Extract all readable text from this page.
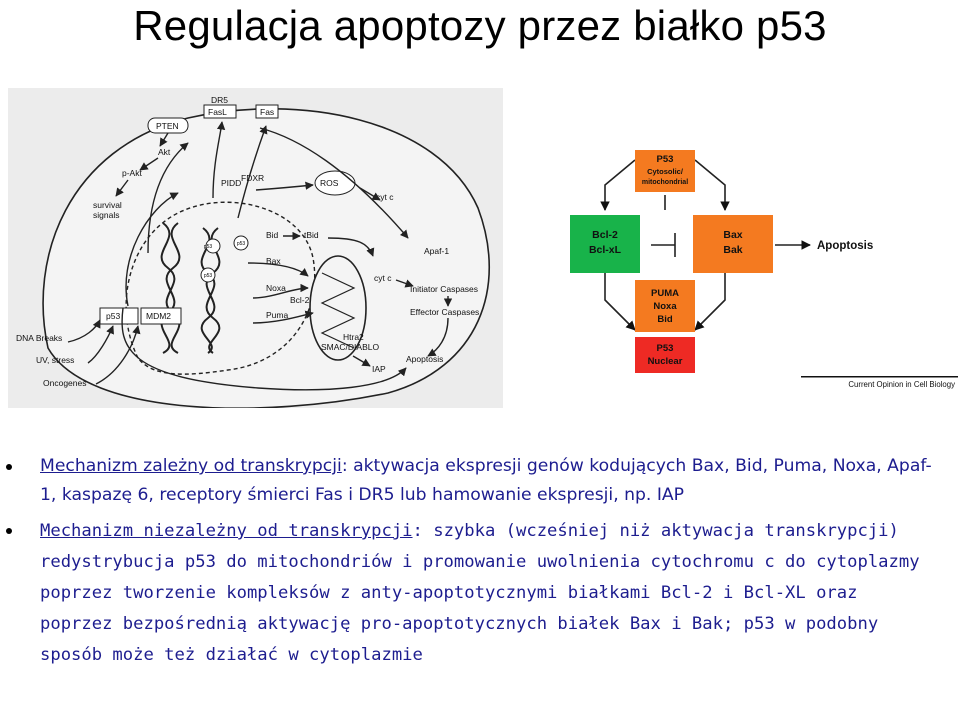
Regulacja apoptozy przez białko p53
p53	p53
p53
DR5
FasL	Fas
PTEN
Akt
p-Akt
survival
signals
PIDD FDXR	ROS
cyt c
Bid	tBid
Bax
Noxa
Bcl-2
Puma
Apaf-1
cyt c
Initiator Caspases
Effector Caspases
p53	MDM2
DNA Breaks
UV, stress
Oncogenes
Htra2
SMAC/DIABLO
IAP
Apoptosis
P53
Cytosolic/
mitochondrial
Bcl-2
Bcl-xL
Bax
Bak	Apoptosis
PUMA
Noxa
Bid
P53
Nuclear
Current Opinion in Cell Biology
Mechanizm zależny od transkrypcji: aktywacja ekspresji genów kodujących Bax, Bid, Puma, Noxa, Apaf-1, kaspazę 6, receptory śmierci Fas i DR5 lub hamowanie ekspresji, np. IAP
Mechanizm niezależny od transkrypcji: szybka (wcześniej niż aktywacja transkrypcji) redystrybucja p53 do mitochondriów i promowanie uwolnienia cytochromu c do cytoplazmy poprzez tworzenie kompleksów z anty-apoptotycznymi białkami Bcl-2 i Bcl-XL oraz poprzez bezpośrednią aktywację pro-apoptotycznych białek Bax i Bak; p53 w podobny sposób może też działać w cytoplazmie
